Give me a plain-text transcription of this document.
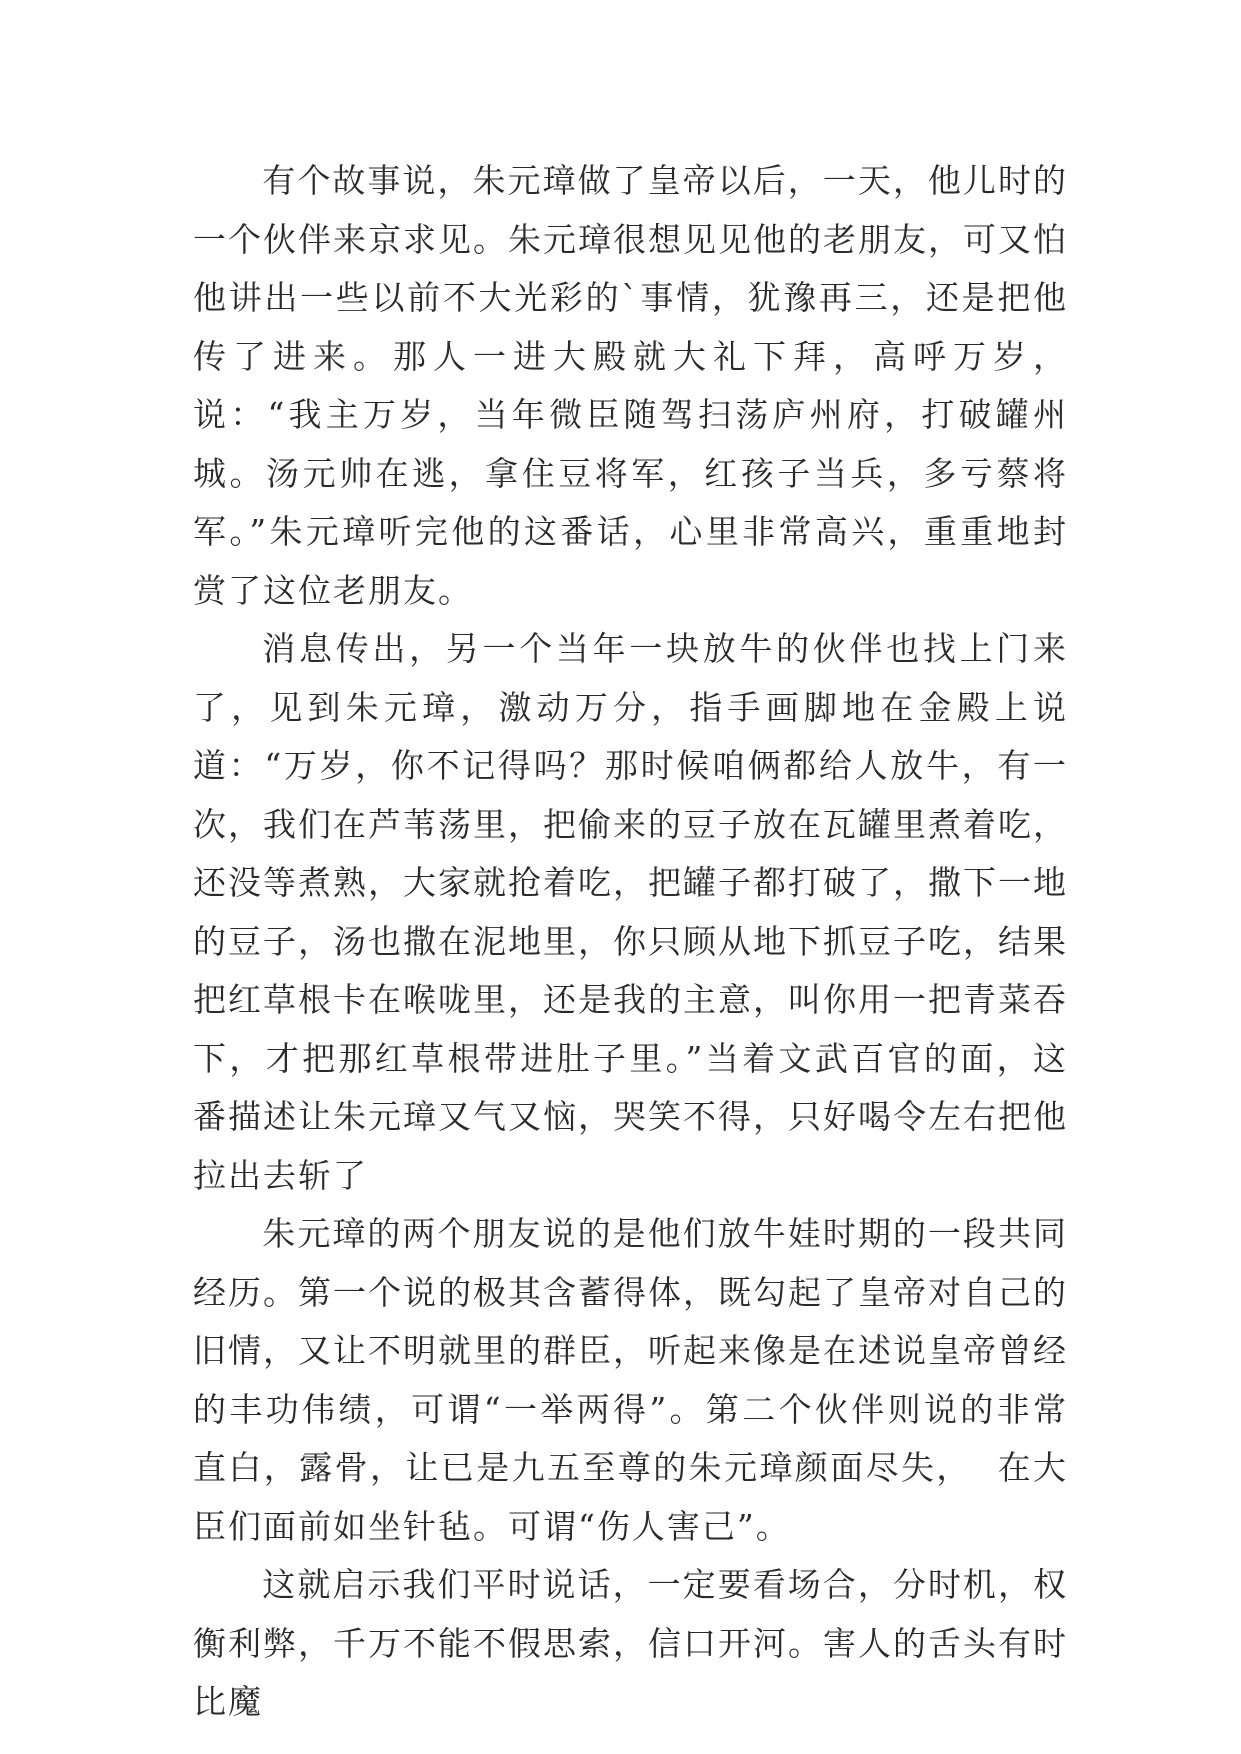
有个故事说，朱元璋做了皇帝以后，一天，他儿时的一个伙伴来京求见。朱元璋很想见见他的老朋友，可又怕他讲出一些以前不大光彩的`事情，犹豫再三，还是把他传了进来。那人一进大殿就大礼下拜，高呼万岁，说：“我主万岁，当年微臣随驾扫荡庐州府，打破罐州城。汤元帅在逃，拿住豆将军，红孩子当兵，多亏蔡将军。”朱元璋听完他的这番话，心里非常高兴，重重地封赏了这位老朋友。

消息传出，另一个当年一块放牛的伙伴也找上门来了，见到朱元璋，激动万分，指手画脚地在金殿上说道：“万岁，你不记得吗？那时候咱俩都给人放牛，有一次，我们在芦苇荡里，把偷来的豆子放在瓦罐里煮着吃，还没等煮熟，大家就抢着吃，把罐子都打破了，撒下一地的豆子，汤也撒在泥地里，你只顾从地下抓豆子吃，结果把红草根卡在喉咙里，还是我的主意，叫你用一把青菜吞下，才把那红草根带进肚子里。”当着文武百官的面，这番描述让朱元璋又气又恼，哭笑不得，只好喝令左右把他拉出去斩了

朱元璋的两个朋友说的是他们放牛娃时期的一段共同经历。第一个说的极其含蓄得体，既勾起了皇帝对自己的旧情，又让不明就里的群臣，听起来像是在述说皇帝曾经的丰功伟绩，可谓“一举两得”。第二个伙伴则说的非常直白，露骨，让已是九五至尊的朱元璋颜面尽失，  在大臣们面前如坐针毡。可谓“伤人害己”。

这就启示我们平时说话，一定要看场合，分时机，权衡利弊，千万不能不假思索，信口开河。害人的舌头有时比魔
